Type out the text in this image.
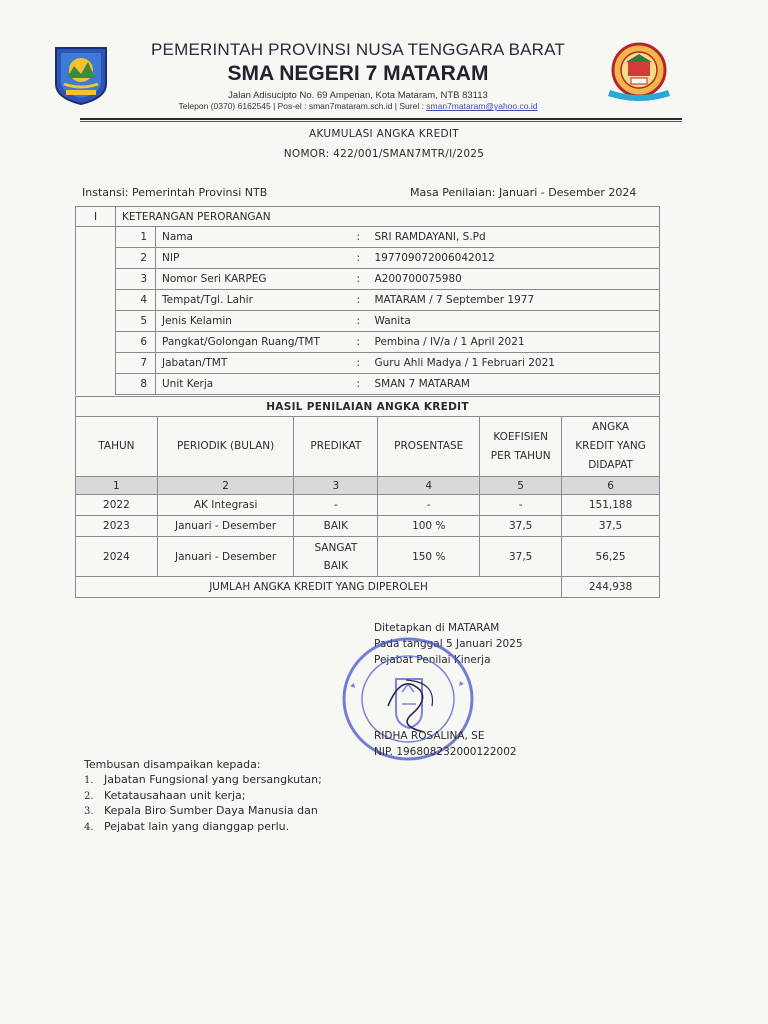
PEMERINTAH PROVINSI NUSA TENGGARA BARAT
SMA NEGERI 7 MATARAM
Jalan Adisucipto No. 69 Ampenan, Kota Mataram, NTB 83113
Telepon (0370) 6162545 | Pos-el : sman7mataram.sch.id | Surel : sman7mataram@yahoo.co.id
AKUMULASI ANGKA KREDIT
NOMOR: 422/001/SMAN7MTR/I/2025
Instansi: Pemerintah Provinsi NTB	Masa Penilaian: Januari - Desember 2024
I	KETERANGAN PERORANGAN		
	1	Nama	: SRI RAMDAYANI, S.Pd
	2	NIP	: 197709072006042012
	3	Nomor Seri KARPEG	: A200700075980
	4	Tempat/Tgl. Lahir	: MATARAM / 7 September 1977
	5	Jenis Kelamin	: Wanita
	6	Pangkat/Golongan Ruang/TMT	: Pembina / IV/a / 1 April 2021
	7	Jabatan/TMT	: Guru Ahli Madya / 1 Februari 2021
	8	Unit Kerja	: SMAN 7 MATARAM
HASIL PENILAIAN ANGKA KREDIT					
TAHUN	PERIODIK (BULAN)	PREDIKAT	PROSENTASE	KOEFISIEN PER TAHUN	ANGKA KREDIT YANG DIDAPAT
1	2	3	4	5	6
2022	AK Integrasi	-	-	-	151,188
2023	Januari - Desember	BAIK	100 %	37,5	37,5
2024	Januari - Desember	SANGAT BAIK	150 %	37,5	56,25
JUMLAH ANGKA KREDIT YANG DIPEROLEH					244,938
Ditetapkan di MATARAM
Pada tanggal 5 Januari 2025
Pejabat Penilai Kinerja
RIDHA ROSALINA, SE
NIP. 196808232000122002
Tembusan disampaikan kepada:
1. Jabatan Fungsional yang bersangkutan;
2. Ketatausahaan unit kerja;
3. Kepala Biro Sumber Daya Manusia dan
4. Pejabat lain yang dianggap perlu.
